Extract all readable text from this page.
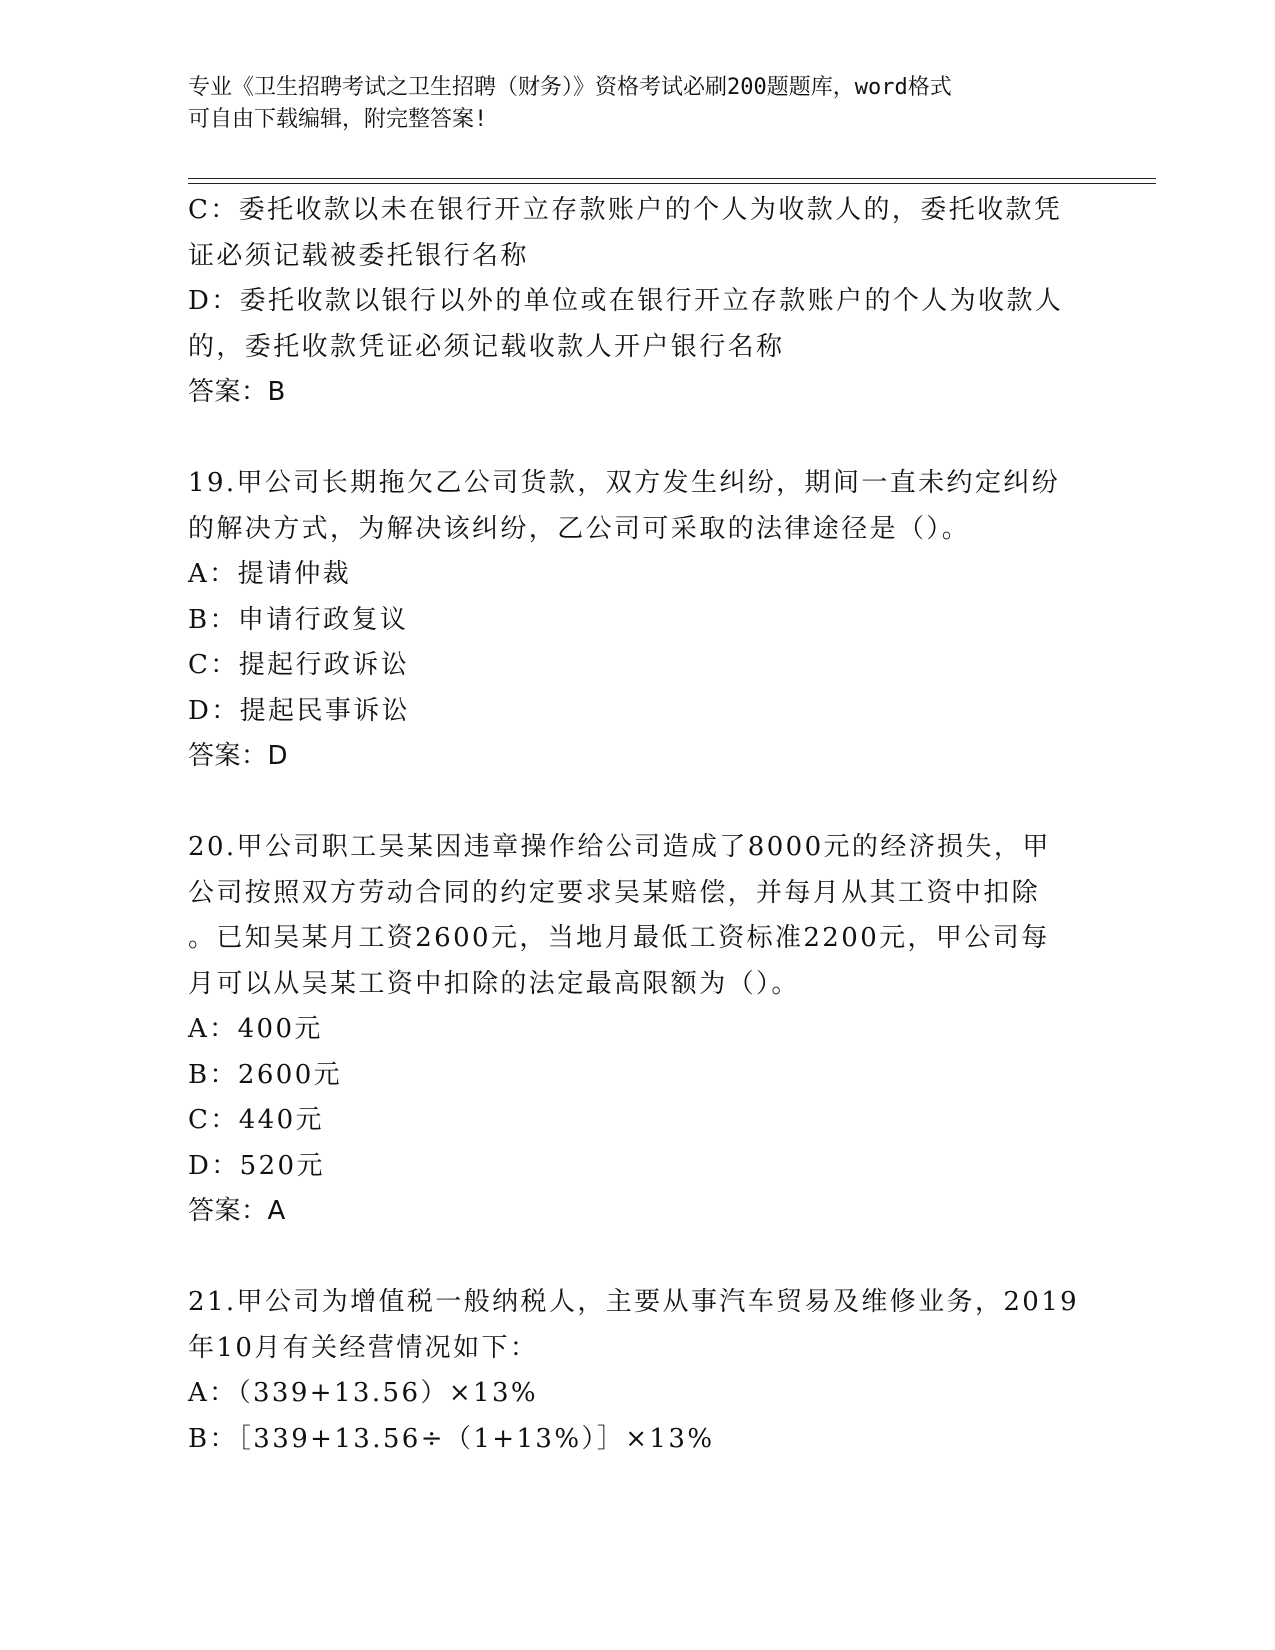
专业《卫生招聘考试之卫生招聘（财务）》资格考试必刷200题题库，word格式
可自由下载编辑，附完整答案!
C：委托收款以未在银行开立存款账户的个人为收款人的，委托收款凭
证必须记载被委托银行名称
D：委托收款以银行以外的单位或在银行开立存款账户的个人为收款人
的，委托收款凭证必须记载收款人开户银行名称
答案：B
19.甲公司长期拖欠乙公司货款，双方发生纠纷，期间一直未约定纠纷
的解决方式，为解决该纠纷，乙公司可采取的法律途径是（）。
A：提请仲裁
B：申请行政复议
C：提起行政诉讼
D：提起民事诉讼
答案：D
20.甲公司职工吴某因违章操作给公司造成了8000元的经济损失，甲
公司按照双方劳动合同的约定要求吴某赔偿，并每月从其工资中扣除
。已知吴某月工资2600元，当地月最低工资标准2200元，甲公司每
月可以从吴某工资中扣除的法定最高限额为（）。
A：400元
B：2600元
C：440元
D：520元
答案：A
21.甲公司为增值税一般纳税人，主要从事汽车贸易及维修业务，2019
年10月有关经营情况如下：
A：（339+13.56）×13%
B：［339+13.56÷（1+13%）］×13%
